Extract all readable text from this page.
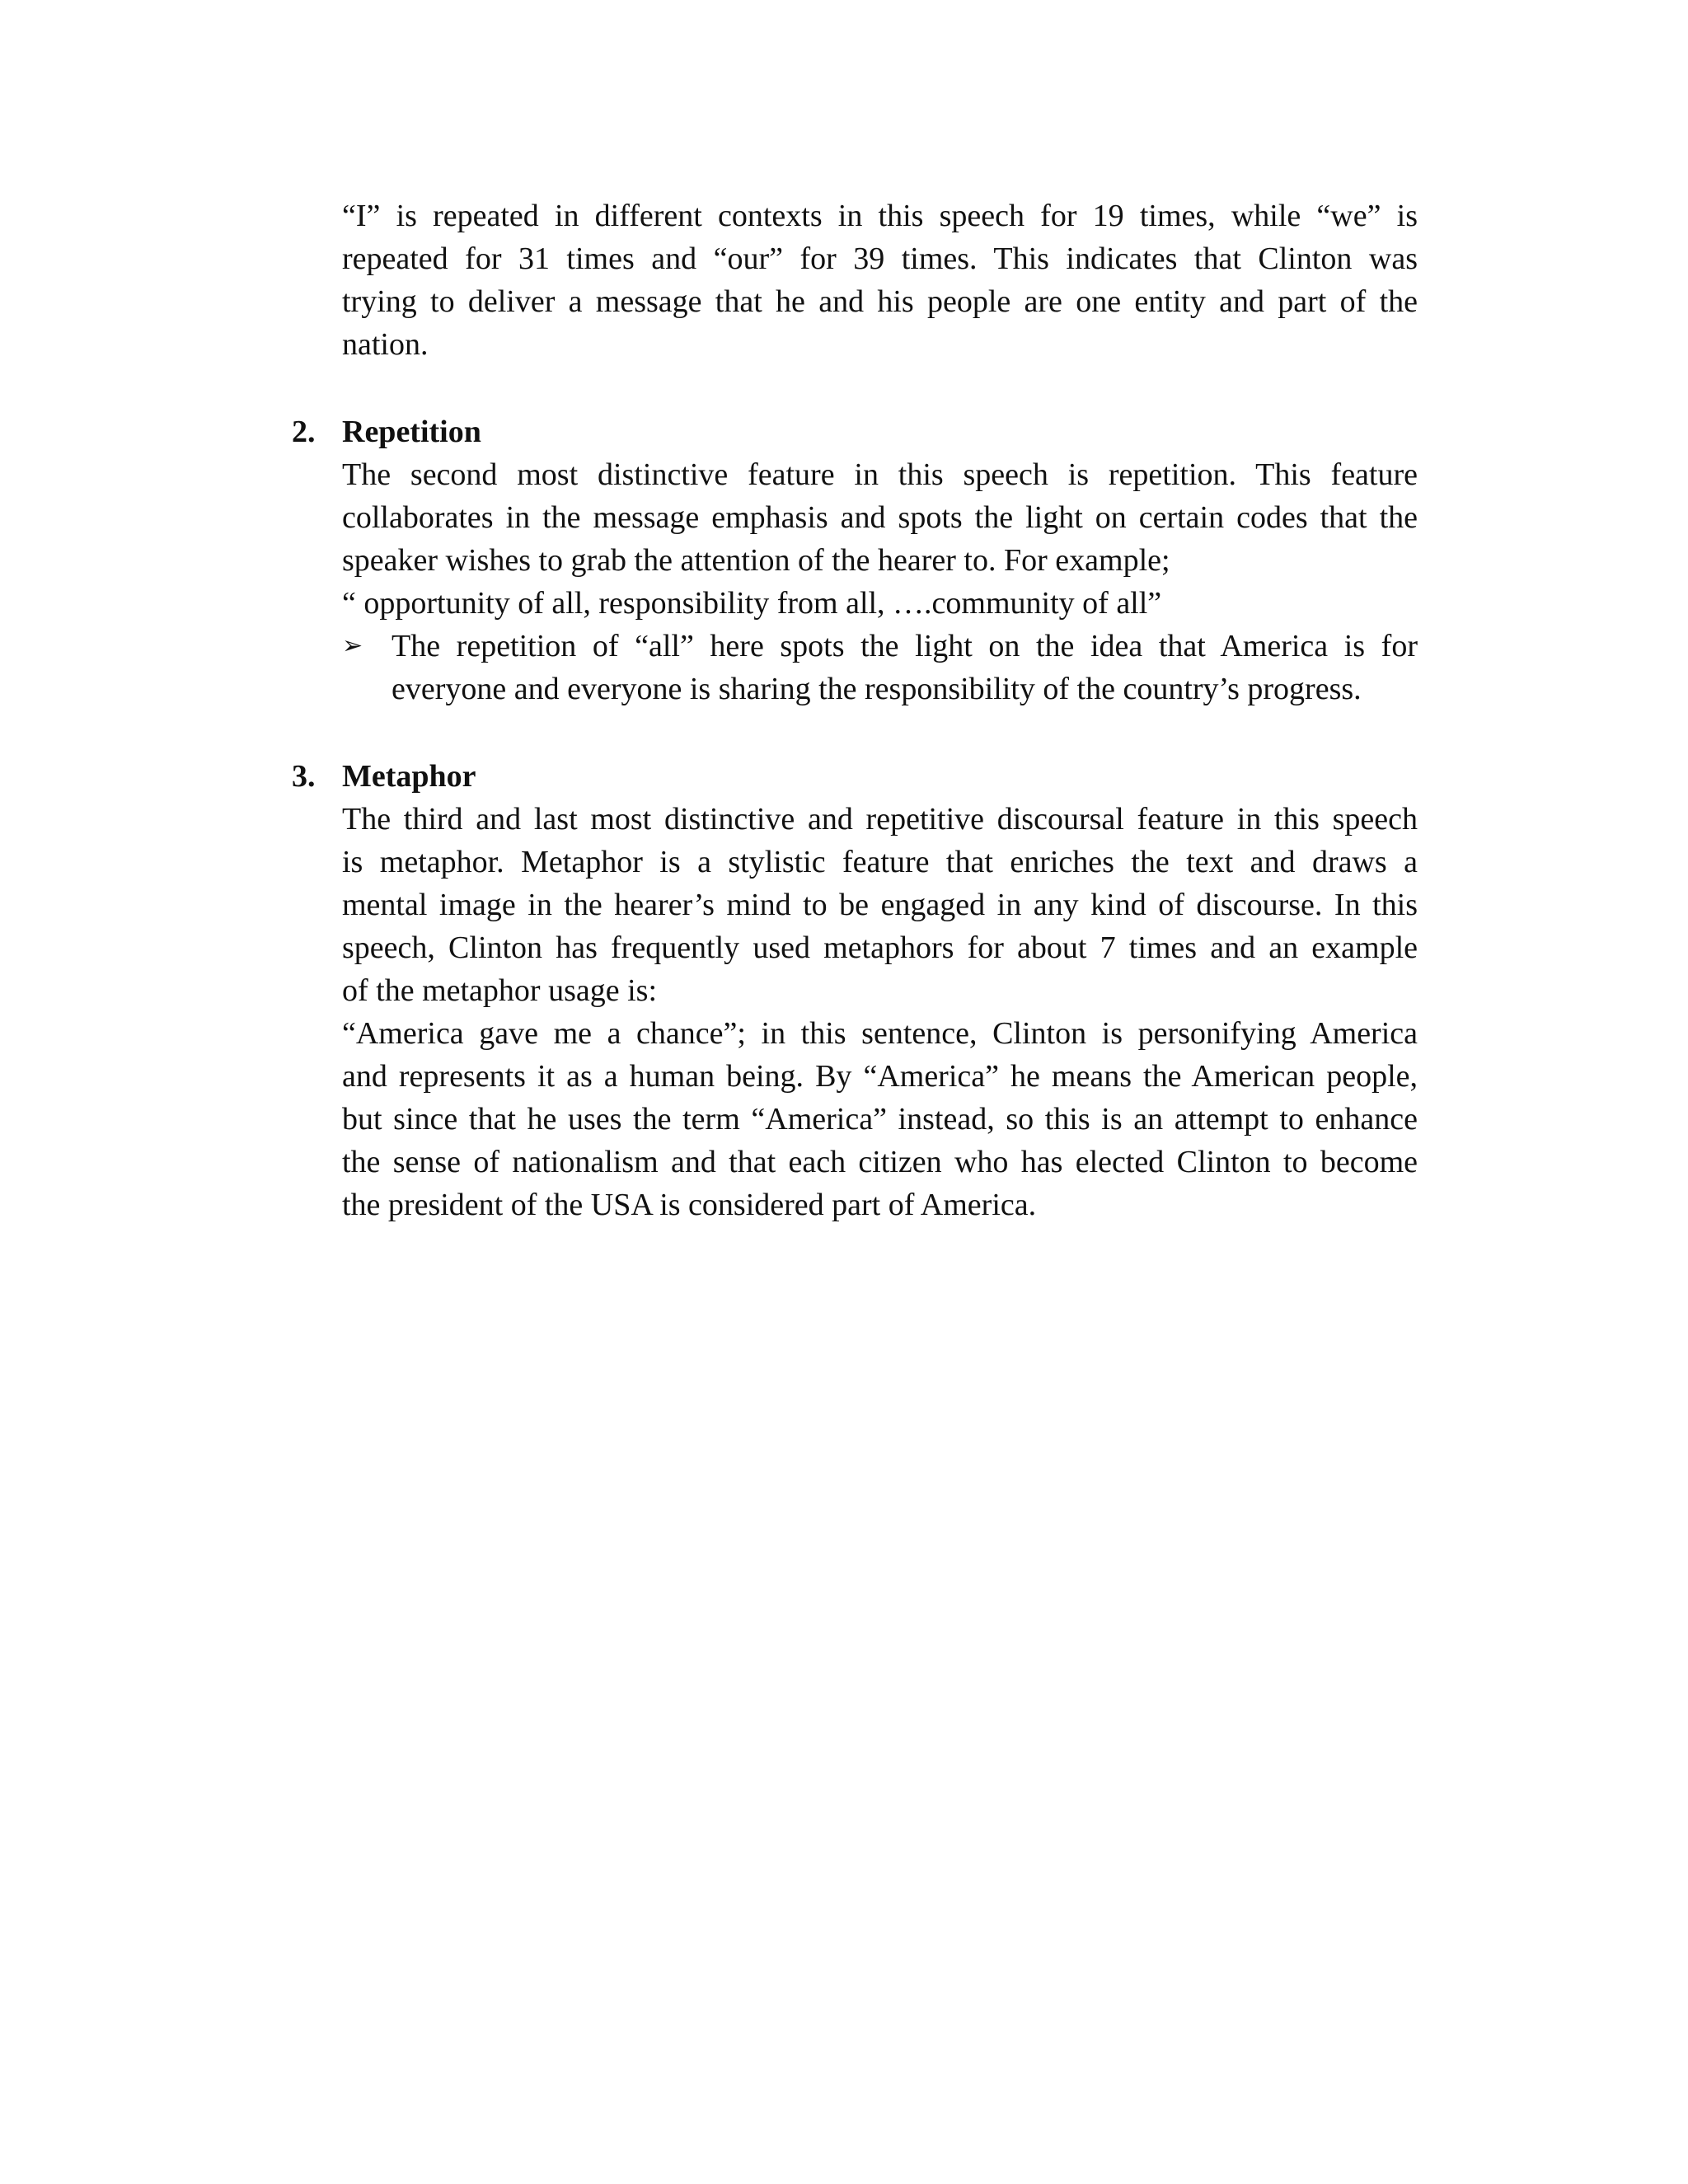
“I” is repeated in different contexts in this speech for 19 times, while “we” is
repeated for 31 times and “our” for 39 times. This indicates that Clinton was
trying to deliver a message that he and his people are one entity and part of the
nation.
2. Repetition
The second most distinctive feature in this speech is repetition. This feature
collaborates in the message emphasis and spots the light on certain codes that the
speaker wishes to grab the attention of the hearer to. For example;
“ opportunity of all, responsibility from all, ….community of all”
➢ The repetition of “all” here spots the light on the idea that America is for
everyone and everyone is sharing the responsibility of the country’s progress.
3. Metaphor
The third and last most distinctive and repetitive discoursal feature in this speech
is metaphor. Metaphor is a stylistic feature that enriches the text and draws a
mental image in the hearer’s mind to be engaged in any kind of discourse. In this
speech, Clinton has frequently used metaphors for about 7 times and an example
of the metaphor usage is:
“America gave me a chance”; in this sentence, Clinton is personifying America
and represents it as a human being. By “America” he means the American people,
but since that he uses the term “America” instead, so this is an attempt to enhance
the sense of nationalism and that each citizen who has elected Clinton to become
the president of the USA is considered part of America.
